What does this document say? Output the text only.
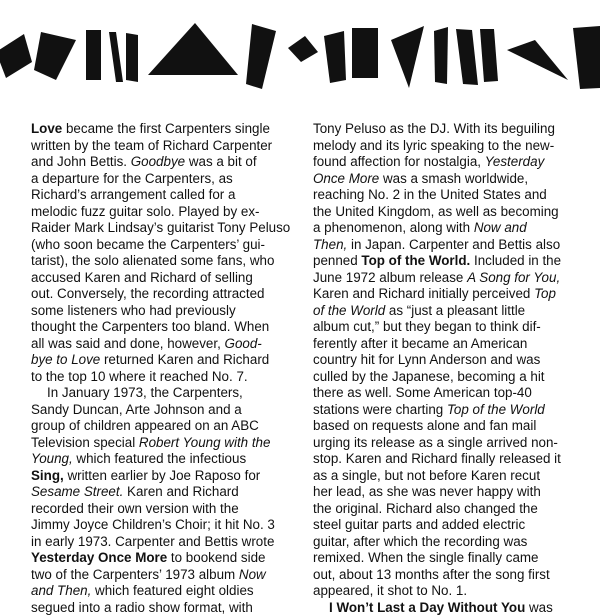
Love became the first Carpenters single
written by the team of Richard Carpenter
and John Bettis. Goodbye was a bit of
a departure for the Carpenters, as
Richard’s arrangement called for a
melodic fuzz guitar solo. Played by ex-
Raider Mark Lindsay’s guitarist Tony Peluso
(who soon became the Carpenters’ gui-
tarist), the solo alienated some fans, who
accused Karen and Richard of selling
out. Conversely, the recording attracted
some listeners who had previously
thought the Carpenters too bland. When
all was said and done, however, Good-
bye to Love returned Karen and Richard
to the top 10 where it reached No. 7.
In January 1973, the Carpenters,
Sandy Duncan, Arte Johnson and a
group of children appeared on an ABC
Television special Robert Young with the
Young, which featured the infectious
Sing, written earlier by Joe Raposo for
Sesame Street. Karen and Richard
recorded their own version with the
Jimmy Joyce Children’s Choir; it hit No. 3
in early 1973. Carpenter and Bettis wrote
Yesterday Once More to bookend side
two of the Carpenters’ 1973 album Now
and Then, which featured eight oldies
segued into a radio show format, with
Tony Peluso as the DJ. With its beguiling
melody and its lyric speaking to the new-
found affection for nostalgia, Yesterday
Once More was a smash worldwide,
reaching No. 2 in the United States and
the United Kingdom, as well as becoming
a phenomenon, along with Now and
Then, in Japan. Carpenter and Bettis also
penned Top of the World. Included in the
June 1972 album release A Song for You,
Karen and Richard initially perceived Top
of the World as “just a pleasant little
album cut,” but they began to think dif-
ferently after it became an American
country hit for Lynn Anderson and was
culled by the Japanese, becoming a hit
there as well. Some American top-40
stations were charting Top of the World
based on requests alone and fan mail
urging its release as a single arrived non-
stop. Karen and Richard finally released it
as a single, but not before Karen recut
her lead, as she was never happy with
the original. Richard also changed the
steel guitar parts and added electric
guitar, after which the recording was
remixed. When the single finally came
out, about 13 months after the song first
appeared, it shot to No. 1.
I Won’t Last a Day Without You was
